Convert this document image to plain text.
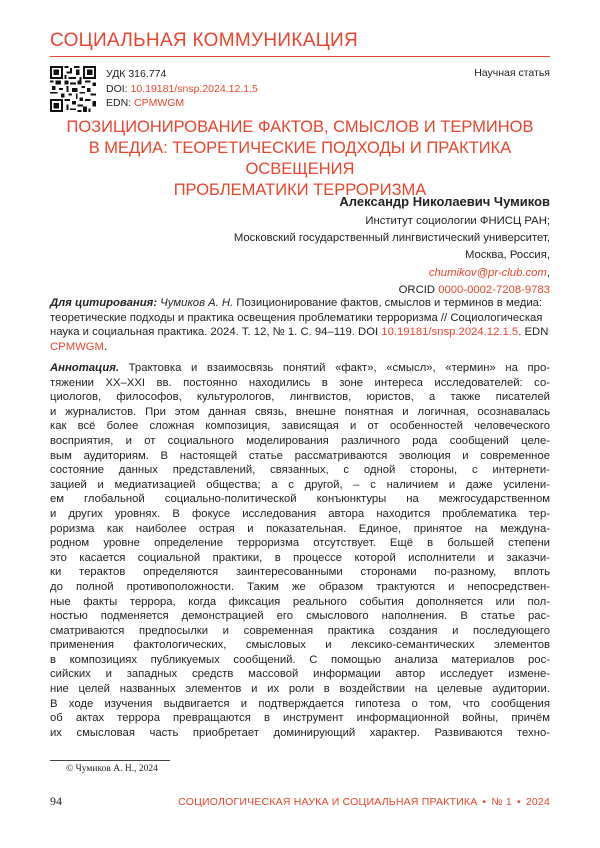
СОЦИАЛЬНАЯ КОММУНИКАЦИЯ
УДК 316.774
DOI: 10.19181/snsp.2024.12.1.5
EDN: CPMWGM
Научная статья
ПОЗИЦИОНИРОВАНИЕ ФАКТОВ, СМЫСЛОВ И ТЕРМИНОВ
В МЕДИА: ТЕОРЕТИЧЕСКИЕ ПОДХОДЫ И ПРАКТИКА ОСВЕЩЕНИЯ
ПРОБЛЕМАТИКИ ТЕРРОРИЗМА
Александр Николаевич Чумиков
Институт социологии ФНИСЦ РАН;
Московский государственный лингвистический университет,
Москва, Россия,
chumikov@pr-club.com,
ORCID 0000-0002-7208-9783
Для цитирования: Чумиков А. Н. Позиционирование фактов, смыслов и терминов в медиа: теоретические подходы и практика освещения проблематики терроризма // Социологическая наука и социальная практика. 2024. Т. 12, № 1. С. 94–119. DOI 10.19181/snsp.2024.12.1.5. EDN CPMWGM.
Аннотация. Трактовка и взаимосвязь понятий «факт», «смысл», «термин» на про-
тяжении XX–XXI вв. постоянно находились в зоне интереса исследователей: со-
циологов, философов, культурологов, лингвистов, юристов, а также писателей
и журналистов. При этом данная связь, внешне понятная и логичная, осознавалась
как всё более сложная композиция, зависящая и от особенностей человеческого
восприятия, и от социального моделирования различного рода сообщений целе-
вым аудиториям. В настоящей статье рассматриваются эволюция и современное
состояние данных представлений, связанных, с одной стороны, с интернети-
зацией и медиатизацией общества; а с другой, – с наличием и даже усилени-
ем глобальной социально-политической конъюнктуры на межгосударственном
и других уровнях. В фокусе исследования автора находится проблематика тер-
роризма как наиболее острая и показательная. Единое, принятое на междуна-
родном уровне определение терроризма отсутствует. Ещё в большей степени
это касается социальной практики, в процессе которой исполнители и заказчи-
ки терактов определяются заинтересованными сторонами по-разному, вплоть
до полной противоположности. Таким же образом трактуются и непосредствен-
ные факты террора, когда фиксация реального события дополняется или пол-
ностью подменяется демонстрацией его смыслового наполнения. В статье рас-
сматриваются предпосылки и современная практика создания и последующего
применения фактологических, смысловых и лексико-семантических элементов
в композициях публикуемых сообщений. С помощью анализа материалов рос-
сийских и западных средств массовой информации автор исследует измене-
ние целей названных элементов и их роли в воздействии на целевые аудитории.
В ходе изучения выдвигается и подтверждается гипотеза о том, что сообщения
об актах террора превращаются в инструмент информационной войны, причём
их смысловая часть приобретает доминирующий характер. Развиваются техно-
© Чумиков А. Н., 2024
94	СОЦИОЛОГИЧЕСКАЯ НАУКА И СОЦИАЛЬНАЯ ПРАКТИКА • № 1 • 2024
